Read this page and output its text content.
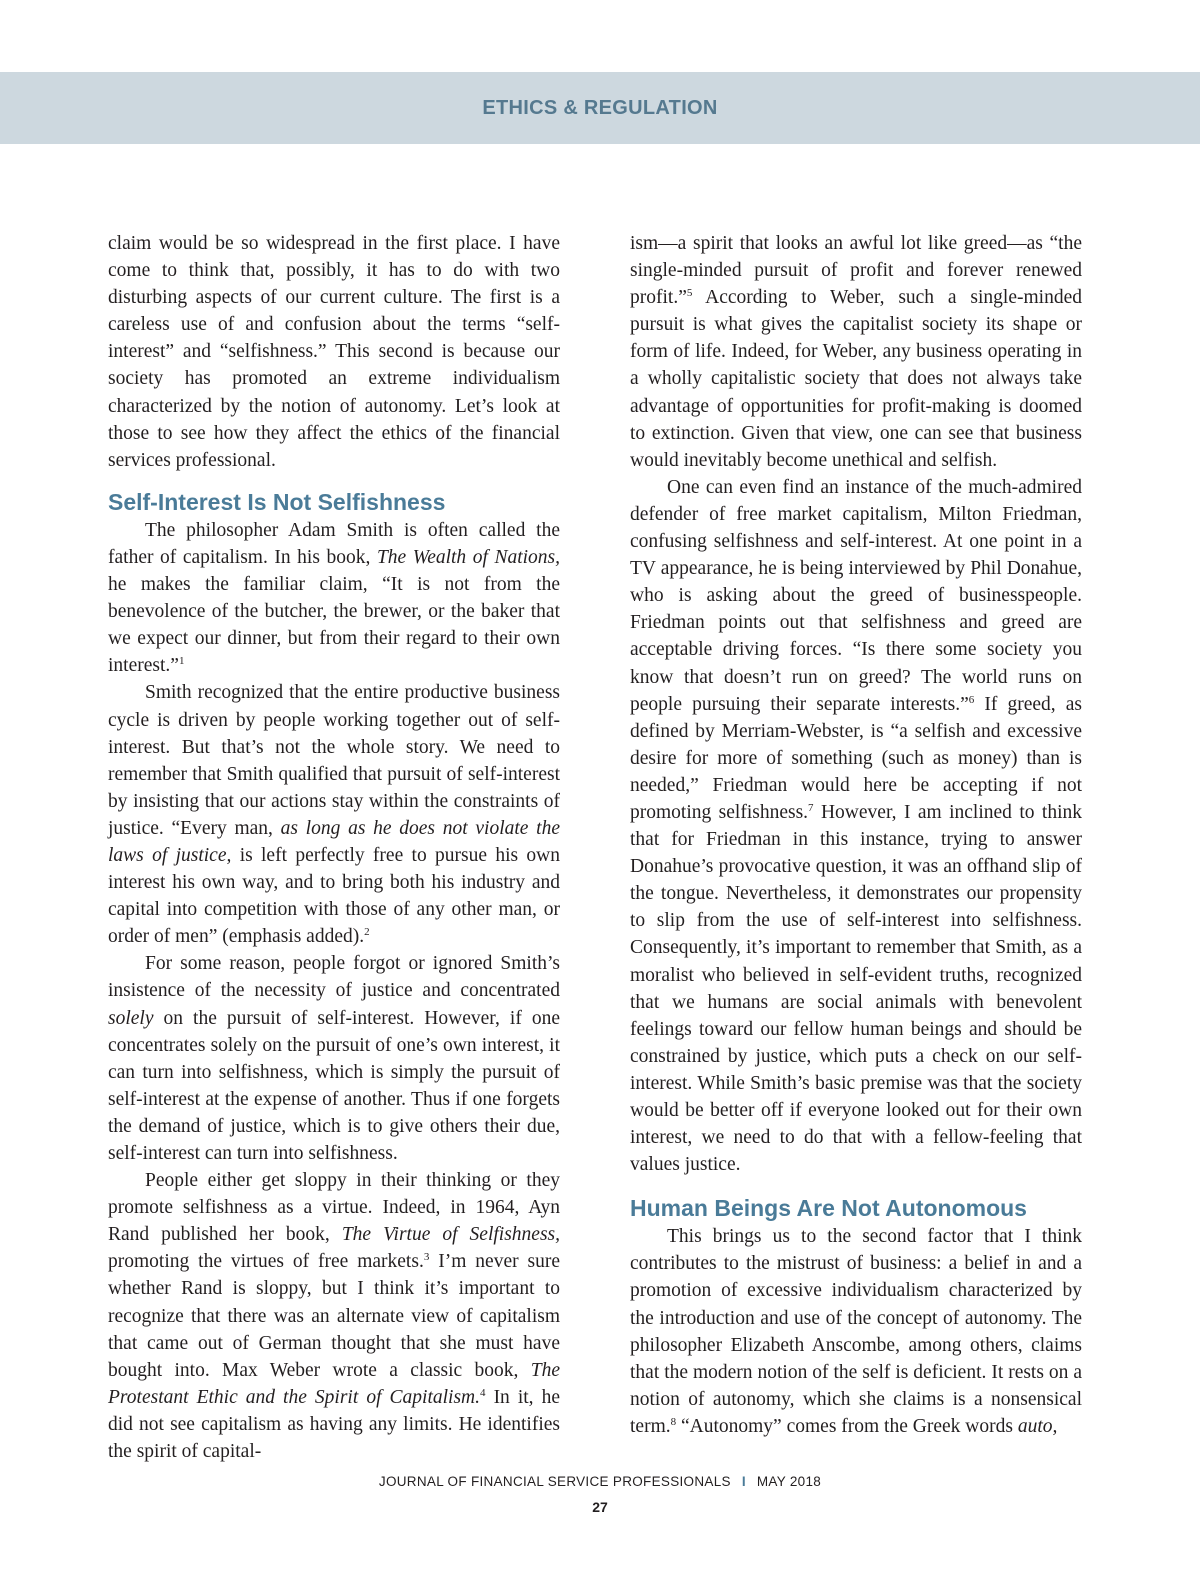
ETHICS & REGULATION

claim would be so widespread in the first place. I have come to think that, possibly, it has to do with two disturbing aspects of our current culture. The first is a careless use of and confusion about the terms “self-interest” and “selfishness.” This second is because our society has promoted an extreme individualism characterized by the notion of autonomy. Let’s look at those to see how they affect the ethics of the financial services professional.

Self-Interest Is Not Selfishness

The philosopher Adam Smith is often called the father of capitalism. In his book, The Wealth of Nations, he makes the familiar claim, “It is not from the benevolence of the butcher, the brewer, or the baker that we expect our dinner, but from their regard to their own interest.”$^1$

Smith recognized that the entire productive business cycle is driven by people working together out of self-interest. But that’s not the whole story. We need to remember that Smith qualified that pursuit of self-interest by insisting that our actions stay within the constraints of justice. “Every man, as long as he does not violate the laws of justice, is left perfectly free to pursue his own interest his own way, and to bring both his industry and capital into competition with those of any other man, or order of men” (emphasis added).$^2$

For some reason, people forgot or ignored Smith’s insistence of the necessity of justice and concentrated solely on the pursuit of self-interest. However, if one concentrates solely on the pursuit of one’s own interest, it can turn into selfishness, which is simply the pursuit of self-interest at the expense of another. Thus if one forgets the demand of justice, which is to give others their due, self-interest can turn into selfishness.

People either get sloppy in their thinking or they promote selfishness as a virtue. Indeed, in 1964, Ayn Rand published her book, The Virtue of Selfishness, promoting the virtues of free markets.$^3$ I’m never sure whether Rand is sloppy, but I think it’s important to recognize that there was an alternate view of capitalism that came out of German thought that she must have bought into. Max Weber wrote a classic book, The Protestant Ethic and the Spirit of Capitalism.$^4$ In it, he did not see capitalism as having any limits. He identifies the spirit of capital-

ism—a spirit that looks an awful lot like greed—as “the single-minded pursuit of profit and forever renewed profit.”$^5$ According to Weber, such a single-minded pursuit is what gives the capitalist society its shape or form of life. Indeed, for Weber, any business operating in a wholly capitalistic society that does not always take advantage of opportunities for profit-making is doomed to extinction. Given that view, one can see that business would inevitably become unethical and selfish.

One can even find an instance of the much-admired defender of free market capitalism, Milton Friedman, confusing selfishness and self-interest. At one point in a TV appearance, he is being interviewed by Phil Donahue, who is asking about the greed of businesspeople. Friedman points out that selfishness and greed are acceptable driving forces. “Is there some society you know that doesn’t run on greed? The world runs on people pursuing their separate interests.”$^6$ If greed, as defined by Merriam-Webster, is “a selfish and excessive desire for more of something (such as money) than is needed,” Friedman would here be accepting if not promoting selfishness.$^7$ However, I am inclined to think that for Friedman in this instance, trying to answer Donahue’s provocative question, it was an offhand slip of the tongue. Nevertheless, it demonstrates our propensity to slip from the use of self-interest into selfishness. Consequently, it’s important to remember that Smith, as a moralist who believed in self-evident truths, recognized that we humans are social animals with benevolent feelings toward our fellow human beings and should be constrained by justice, which puts a check on our self-interest. While Smith’s basic premise was that the society would be better off if everyone looked out for their own interest, we need to do that with a fellow-feeling that values justice.

Human Beings Are Not Autonomous

This brings us to the second factor that I think contributes to the mistrust of business: a belief in and a promotion of excessive individualism characterized by the introduction and use of the concept of autonomy. The philosopher Elizabeth Anscombe, among others, claims that the modern notion of the self is deficient. It rests on a notion of autonomy, which she claims is a nonsensical term.$^8$ “Autonomy” comes from the Greek words auto,

JOURNAL OF FINANCIAL SERVICE PROFESSIONALS I MAY 2018
27
